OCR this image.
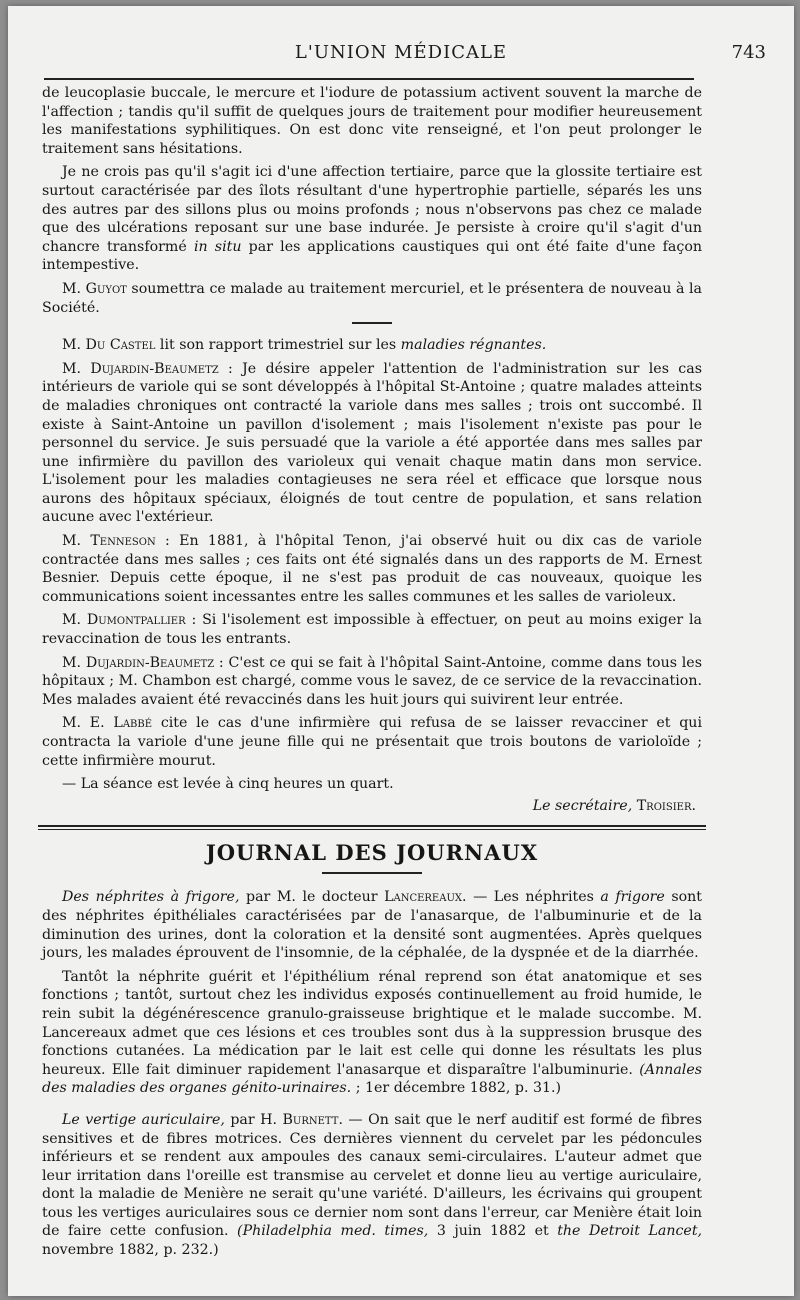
L'UNION MÉDICALE	743

de leucoplasie buccale, le mercure et l'iodure de potassium activent souvent la marche de l'affection ; tandis qu'il suffit de quelques jours de traitement pour modifier heureusement les manifestations syphilitiques. On est donc vite renseigné, et l'on peut prolonger le traitement sans hésitations.

Je ne crois pas qu'il s'agit ici d'une affection tertiaire, parce que la glossite tertiaire est surtout caractérisée par des îlots résultant d'une hypertrophie partielle, séparés les uns des autres par des sillons plus ou moins profonds ; nous n'observons pas chez ce malade que des ulcérations reposant sur une base indurée. Je persiste à croire qu'il s'agit d'un chancre transformé in situ par les applications caustiques qui ont été faite d'une façon intempestive.

M. Guyot soumettra ce malade au traitement mercuriel, et le présentera de nouveau à la Société.

M. Du Castel lit son rapport trimestriel sur les maladies régnantes.

M. Dujardin-Beaumetz : Je désire appeler l'attention de l'administration sur les cas intérieurs de variole qui se sont développés à l'hôpital St-Antoine ; quatre malades atteints de maladies chroniques ont contracté la variole dans mes salles ; trois ont succombé. Il existe à Saint-Antoine un pavillon d'isolement ; mais l'isolement n'existe pas pour le personnel du service. Je suis persuadé que la variole a été apportée dans mes salles par une infirmière du pavillon des varioleux qui venait chaque matin dans mon service. L'isolement pour les maladies contagieuses ne sera réel et efficace que lorsque nous aurons des hôpitaux spéciaux, éloignés de tout centre de population, et sans relation aucune avec l'extérieur.

M. Tenneson : En 1881, à l'hôpital Tenon, j'ai observé huit ou dix cas de variole contractée dans mes salles ; ces faits ont été signalés dans un des rapports de M. Ernest Besnier. Depuis cette époque, il ne s'est pas produit de cas nouveaux, quoique les communications soient incessantes entre les salles communes et les salles de varioleux.

M. Dumontpallier : Si l'isolement est impossible à effectuer, on peut au moins exiger la revaccination de tous les entrants.

M. Dujardin-Beaumetz : C'est ce qui se fait à l'hôpital Saint-Antoine, comme dans tous les hôpitaux ; M. Chambon est chargé, comme vous le savez, de ce service de la revaccination. Mes malades avaient été revaccinés dans les huit jours qui suivirent leur entrée.

M. E. Labbé cite le cas d'une infirmière qui refusa de se laisser revacciner et qui contracta la variole d'une jeune fille qui ne présentait que trois boutons de varioloïde ; cette infirmière mourut.

— La séance est levée à cinq heures un quart.

Le secrétaire, Troisier.
JOURNAL DES JOURNAUX

Des néphrites à frigore, par M. le docteur Lancereaux. — Les néphrites a frigore sont des néphrites épithéliales caractérisées par de l'anasarque, de l'albuminurie et de la diminution des urines, dont la coloration et la densité sont augmentées. Après quelques jours, les malades éprouvent de l'insomnie, de la céphalée, de la dyspnée et de la diarrhée.

Tantôt la néphrite guérit et l'épithélium rénal reprend son état anatomique et ses fonctions ; tantôt, surtout chez les individus exposés continuellement au froid humide, le rein subit la dégénérescence granulo-graisseuse brightique et le malade succombe. M. Lancereaux admet que ces lésions et ces troubles sont dus à la suppression brusque des fonctions cutanées. La médication par le lait est celle qui donne les résultats les plus heureux. Elle fait diminuer rapidement l'anasarque et disparaître l'albuminurie. (Annales des maladies des organes génito-urinaires. ; 1er décembre 1882, p. 31.)

Le vertige auriculaire, par H. Burnett. — On sait que le nerf auditif est formé de fibres sensitives et de fibres motrices. Ces dernières viennent du cervelet par les pédoncules inférieurs et se rendent aux ampoules des canaux semi-circulaires. L'auteur admet que leur irritation dans l'oreille est transmise au cervelet et donne lieu au vertige auriculaire, dont la maladie de Menière ne serait qu'une variété. D'ailleurs, les écrivains qui groupent tous les vertiges auriculaires sous ce dernier nom sont dans l'erreur, car Menière était loin de faire cette confusion. (Philadelphia med. times, 3 juin 1882 et the Detroit Lancet, novembre 1882, p. 232.)
